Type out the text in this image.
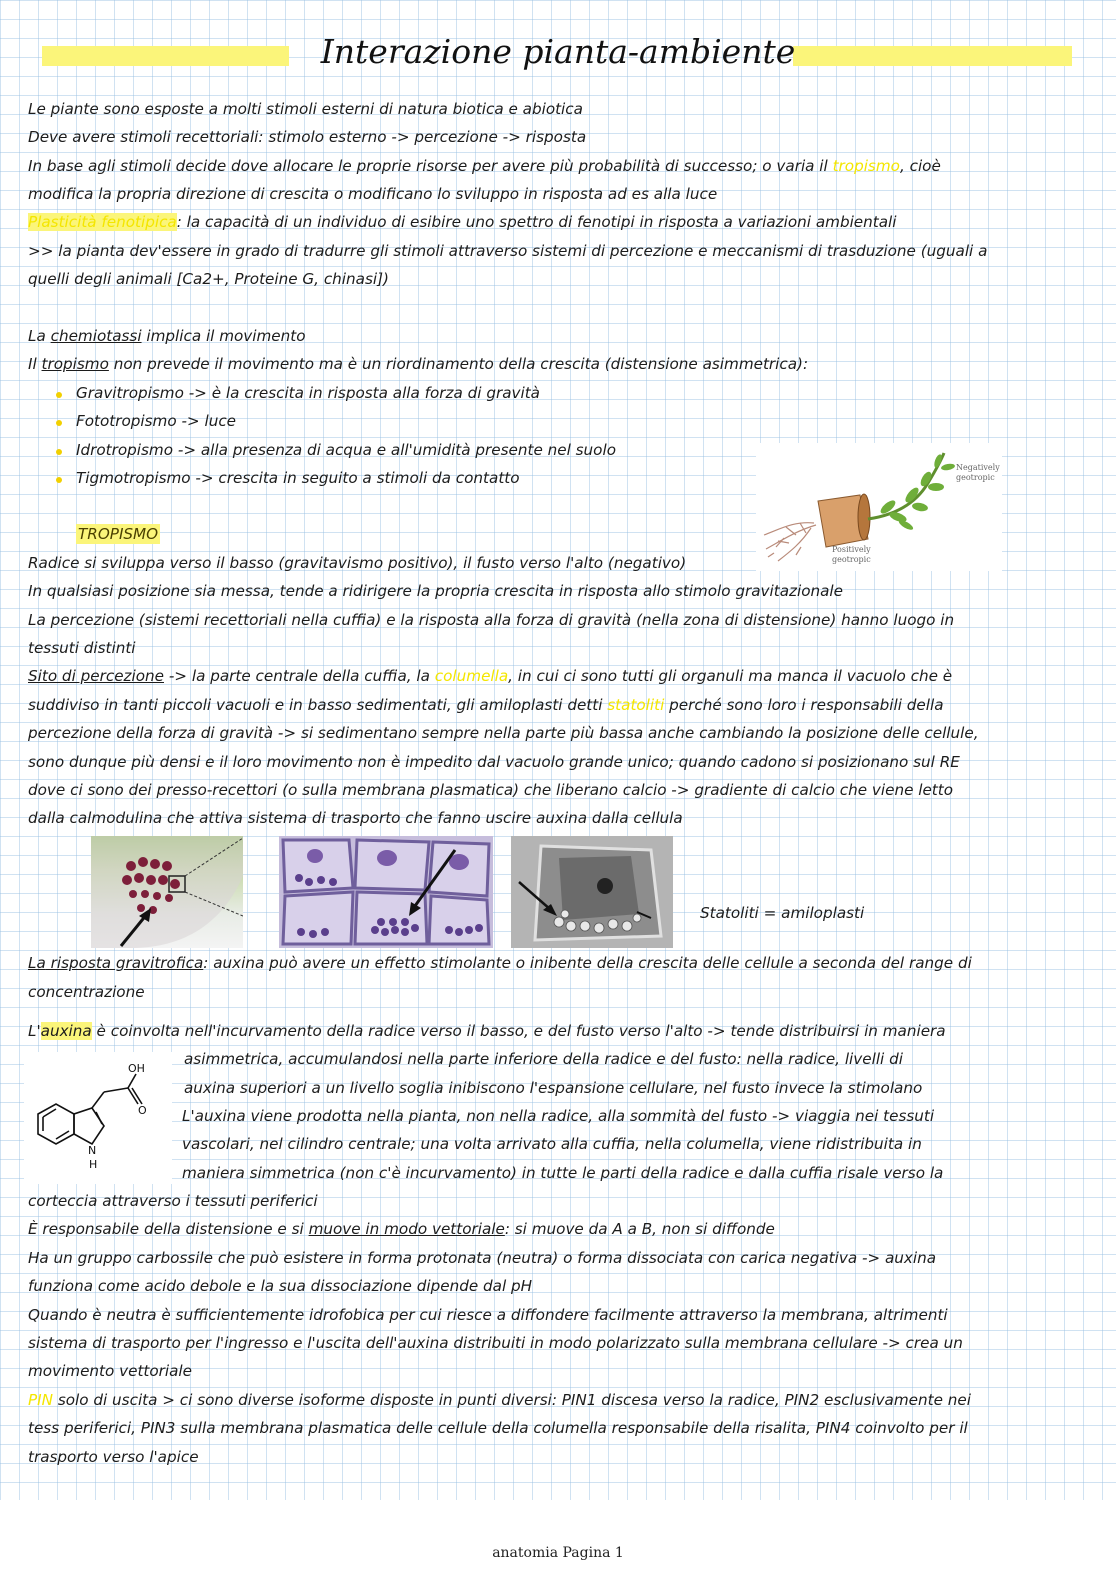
Interazione pianta-ambiente
Le piante sono esposte a molti stimoli esterni di natura biotica e abiotica
Deve avere stimoli recettoriali: stimolo esterno -> percezione -> risposta
In base agli stimoli decide dove allocare le proprie risorse per avere più probabilità di successo; o varia il tropismo, cioè
modifica la propria direzione di crescita o modificano lo sviluppo in risposta ad es alla luce
Plasticità fenotipica: la capacità di un individuo di esibire uno spettro di fenotipi in risposta a variazioni ambientali
>> la pianta dev'essere in grado di tradurre gli stimoli attraverso sistemi di percezione e meccanismi di trasduzione (uguali a
quelli degli animali [Ca2+, Proteine G, chinasi])
La chemiotassi implica il movimento
Il tropismo non prevede il movimento ma è un riordinamento della crescita (distensione asimmetrica):
Gravitropismo -> è la crescita in risposta alla forza di gravità
Fototropismo -> luce
Idrotropismo -> alla presenza di acqua e all'umidità presente nel suolo
Tigmotropismo -> crescita in seguito a stimoli da contatto
Negatively
geotropic
Positively
geotropic
TROPISMO
Radice si sviluppa verso il basso (gravitavismo positivo), il fusto verso l'alto (negativo)
In qualsiasi posizione sia messa, tende a ridirigere la propria crescita in risposta allo stimolo gravitazionale
La percezione (sistemi recettoriali nella cuffia) e la risposta alla forza di gravità (nella zona di distensione) hanno luogo in
tessuti distinti
Sito di percezione -> la parte centrale della cuffia, la columella, in cui ci sono tutti gli organuli ma manca il vacuolo che è
suddiviso in tanti piccoli vacuoli e in basso sedimentati, gli amiloplasti detti statoliti perché sono loro i responsabili della
percezione della forza di gravità -> si sedimentano sempre nella parte più bassa anche cambiando la posizione delle cellule,
sono dunque più densi e il loro movimento non è impedito dal vacuolo grande unico; quando cadono si posizionano sul RE
dove ci sono dei presso-recettori (o sulla membrana plasmatica) che liberano calcio -> gradiente di calcio che viene letto
dalla calmodulina che attiva sistema di trasporto che fanno uscire auxina dalla cellula
Statoliti = amiloplasti
La risposta gravitrofica: auxina può avere un effetto stimolante o inibente della crescita delle cellule a seconda del range di
concentrazione
L'auxina è coinvolta nell'incurvamento della radice verso il basso, e del fusto verso l'alto -> tende distribuirsi in maniera
OH
O
N
H
asimmetrica, accumulandosi nella parte inferiore della radice e del fusto: nella radice, livelli di
auxina superiori a un livello soglia inibiscono l'espansione cellulare, nel fusto invece la stimolano
L'auxina viene prodotta nella pianta, non nella radice, alla sommità del fusto -> viaggia nei tessuti
vascolari, nel cilindro centrale; una volta arrivato alla cuffia, nella columella, viene ridistribuita in
maniera simmetrica (non c'è incurvamento) in tutte le parti della radice e dalla cuffia risale verso la
corteccia attraverso i tessuti periferici
È responsabile della distensione e si muove in modo vettoriale: si muove da A a B, non si diffonde
Ha un gruppo carbossile che può esistere in forma protonata (neutra) o forma dissociata con carica negativa -> auxina
funziona come acido debole e la sua dissociazione dipende dal pH
Quando è neutra è sufficientemente idrofobica per cui riesce a diffondere facilmente attraverso la membrana, altrimenti
sistema di trasporto per l'ingresso e l'uscita dell'auxina distribuiti in modo polarizzato sulla membrana cellulare -> crea un
movimento vettoriale
PIN solo di uscita > ci sono diverse isoforme disposte in punti diversi: PIN1 discesa verso la radice, PIN2 esclusivamente nei
tess periferici, PIN3 sulla membrana plasmatica delle cellule della columella responsabile della risalita, PIN4 coinvolto per il
trasporto verso l'apice
anatomia Pagina 1
